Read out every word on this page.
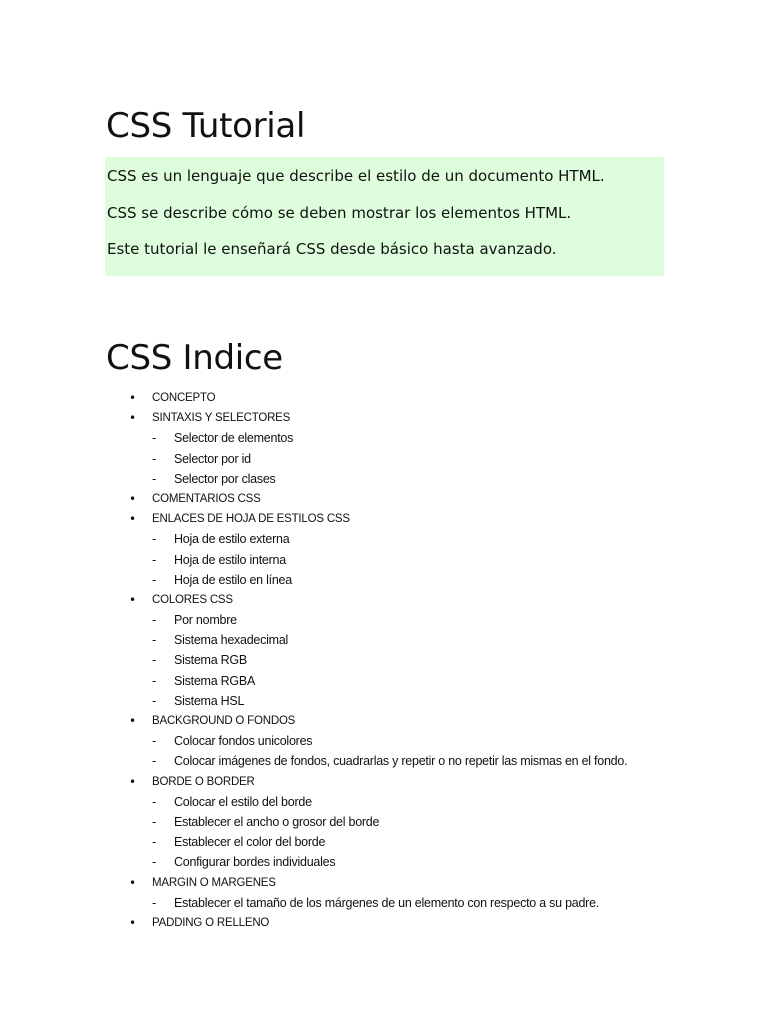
CSS Tutorial

CSS es un lenguaje que describe el estilo de un documento HTML.

CSS se describe cómo se deben mostrar los elementos HTML.

Este tutorial le enseñará CSS desde básico hasta avanzado.

CSS Indice
• CONCEPTO
• SINTAXIS Y SELECTORES
- Selector de elementos
- Selector por id
- Selector por clases
• COMENTARIOS CSS
• ENLACES DE HOJA DE ESTILOS CSS
- Hoja de estilo externa
- Hoja de estilo interna
- Hoja de estilo en línea
• COLORES CSS
- Por nombre
- Sistema hexadecimal
- Sistema RGB
- Sistema RGBA
- Sistema HSL
• BACKGROUND O FONDOS
- Colocar fondos unicolores
- Colocar imágenes de fondos, cuadrarlas y repetir o no repetir las mismas en el fondo.
• BORDE O BORDER
- Colocar el estilo del borde
- Establecer el ancho o grosor del borde
- Establecer el color del borde
- Configurar bordes individuales
• MARGIN O MARGENES
- Establecer el tamaño de los márgenes de un elemento con respecto a su padre.
• PADDING O RELLENO
